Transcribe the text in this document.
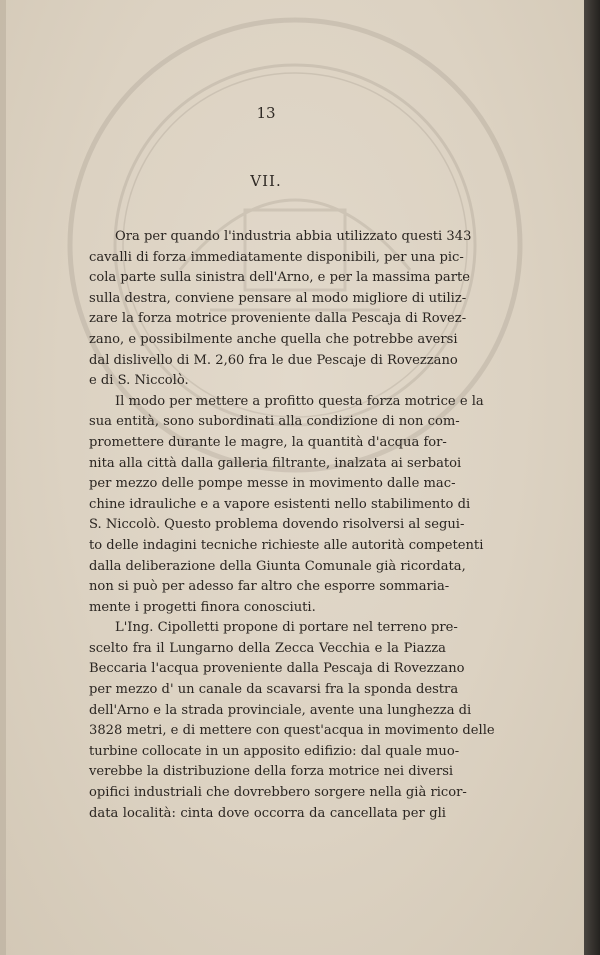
13
VII.
Ora per quando l'industria abbia utilizzato questi 343
cavalli di forza immediatamente disponibili, per una pic-
cola parte sulla sinistra dell'Arno, e per la massima parte
sulla destra, conviene pensare al modo migliore di utiliz-
zare la forza motrice proveniente dalla Pescaja di Rovez-
zano, e possibilmente anche quella che potrebbe aversi
dal dislivello di M. 2,60 fra le due Pescaje di Rovezzano
e di S. Niccolò.
Il modo per mettere a profitto questa forza motrice e la
sua entità, sono subordinati alla condizione di non com-
promettere durante le magre, la quantità d'acqua for-
nita alla città dalla galleria filtrante, inalzata ai serbatoi
per mezzo delle pompe messe in movimento dalle mac-
chine idrauliche e a vapore esistenti nello stabilimento di
S. Niccolò. Questo problema dovendo risolversi al segui-
to delle indagini tecniche richieste alle autorità competenti
dalla deliberazione della Giunta Comunale già ricordata,
non si può per adesso far altro che esporre sommaria-
mente i progetti finora conosciuti.
L'Ing. Cipolletti propone di portare nel terreno pre-
scelto fra il Lungarno della Zecca Vecchia e la Piazza
Beccaria l'acqua proveniente dalla Pescaja di Rovezzano
per mezzo d' un canale da scavarsi fra la sponda destra
dell'Arno e la strada provinciale, avente una lunghezza di
3828 metri, e di mettere con quest'acqua in movimento delle
turbine collocate in un apposito edifizio: dal quale muo-
verebbe la distribuzione della forza motrice nei diversi
opifici industriali che dovrebbero sorgere nella già ricor-
data località: cinta dove occorra da cancellata per gli
